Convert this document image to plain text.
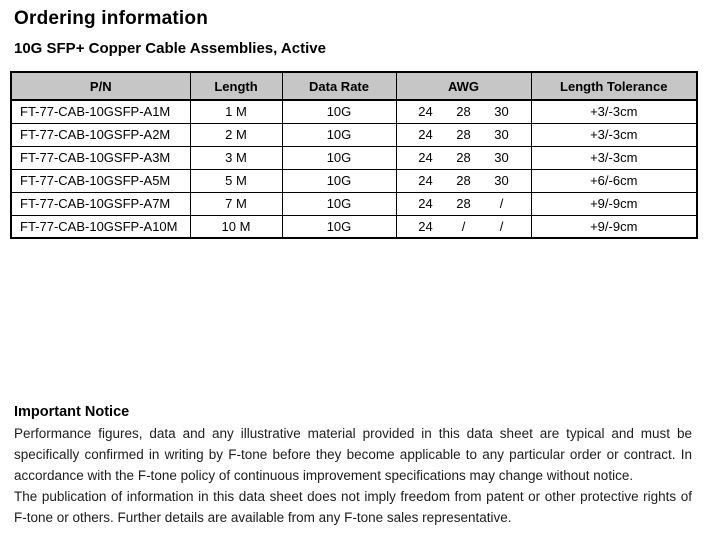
Ordering information
10G SFP+ Copper Cable Assemblies, Active
P/N	Length	Data Rate	AWG	Length Tolerance
FT-77-CAB-10GSFP-A1M	1 M	10G	24 28 30	+3/-3cm
FT-77-CAB-10GSFP-A2M	2 M	10G	24 28 30	+3/-3cm
FT-77-CAB-10GSFP-A3M	3 M	10G	24 28 30	+3/-3cm
FT-77-CAB-10GSFP-A5M	5 M	10G	24 28 30	+6/-6cm
FT-77-CAB-10GSFP-A7M	7 M	10G	24 28 /	+9/-9cm
FT-77-CAB-10GSFP-A10M	10 M	10G	24 / /	+9/-9cm
Important Notice

Performance figures, data and any illustrative material provided in this data sheet are typical and must be specifically confirmed in writing by F-tone before they become applicable to any particular order or contract. In accordance with the F-tone policy of continuous improvement specifications may change without notice.

The publication of information in this data sheet does not imply freedom from patent or other protective rights of F-tone or others. Further details are available from any F-tone sales representative.
